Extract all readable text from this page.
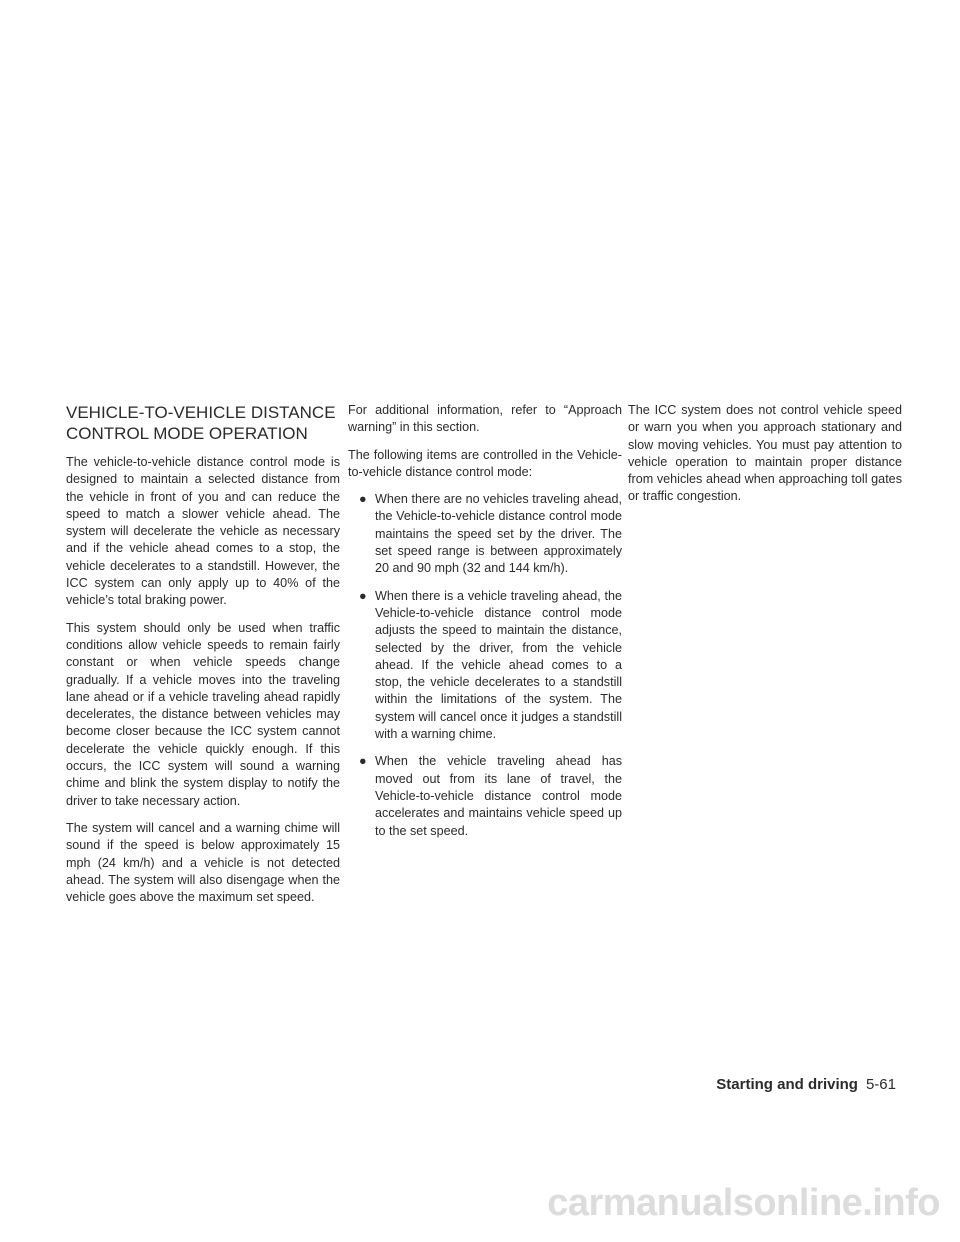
VEHICLE-TO-VEHICLE DISTANCE
CONTROL MODE OPERATION

The vehicle-to-vehicle distance control mode is designed to maintain a selected distance from the vehicle in front of you and can reduce the speed to match a slower vehicle ahead. The system will decelerate the vehicle as necessary and if the vehicle ahead comes to a stop, the vehicle decelerates to a standstill. However, the ICC system can only apply up to 40% of the vehicle’s total braking power.

This system should only be used when traffic conditions allow vehicle speeds to remain fairly constant or when vehicle speeds change gradually. If a vehicle moves into the traveling lane ahead or if a vehicle traveling ahead rapidly decelerates, the distance between vehicles may become closer because the ICC system cannot decelerate the vehicle quickly enough. If this occurs, the ICC system will sound a warning chime and blink the system display to notify the driver to take necessary action.

The system will cancel and a warning chime will sound if the speed is below approximately 15 mph (24 km/h) and a vehicle is not detected ahead. The system will also disengage when the vehicle goes above the maximum set speed.

For additional information, refer to “Approach warning” in this section.

The following items are controlled in the Vehicle-to-vehicle distance control mode:

● When there are no vehicles traveling ahead, the Vehicle-to-vehicle distance control mode maintains the speed set by the driver. The set speed range is between approximately 20 and 90 mph (32 and 144 km/h).
● When there is a vehicle traveling ahead, the Vehicle-to-vehicle distance control mode adjusts the speed to maintain the distance, selected by the driver, from the vehicle ahead. If the vehicle ahead comes to a stop, the vehicle decelerates to a standstill within the limitations of the system. The system will cancel once it judges a standstill with a warning chime.
● When the vehicle traveling ahead has moved out from its lane of travel, the Vehicle-to-vehicle distance control mode accelerates and maintains vehicle speed up to the set speed.

The ICC system does not control vehicle speed or warn you when you approach stationary and slow moving vehicles. You must pay attention to vehicle operation to maintain proper distance from vehicles ahead when approaching toll gates or traffic congestion.

Starting and driving 5-61
carmanualsonline.info
